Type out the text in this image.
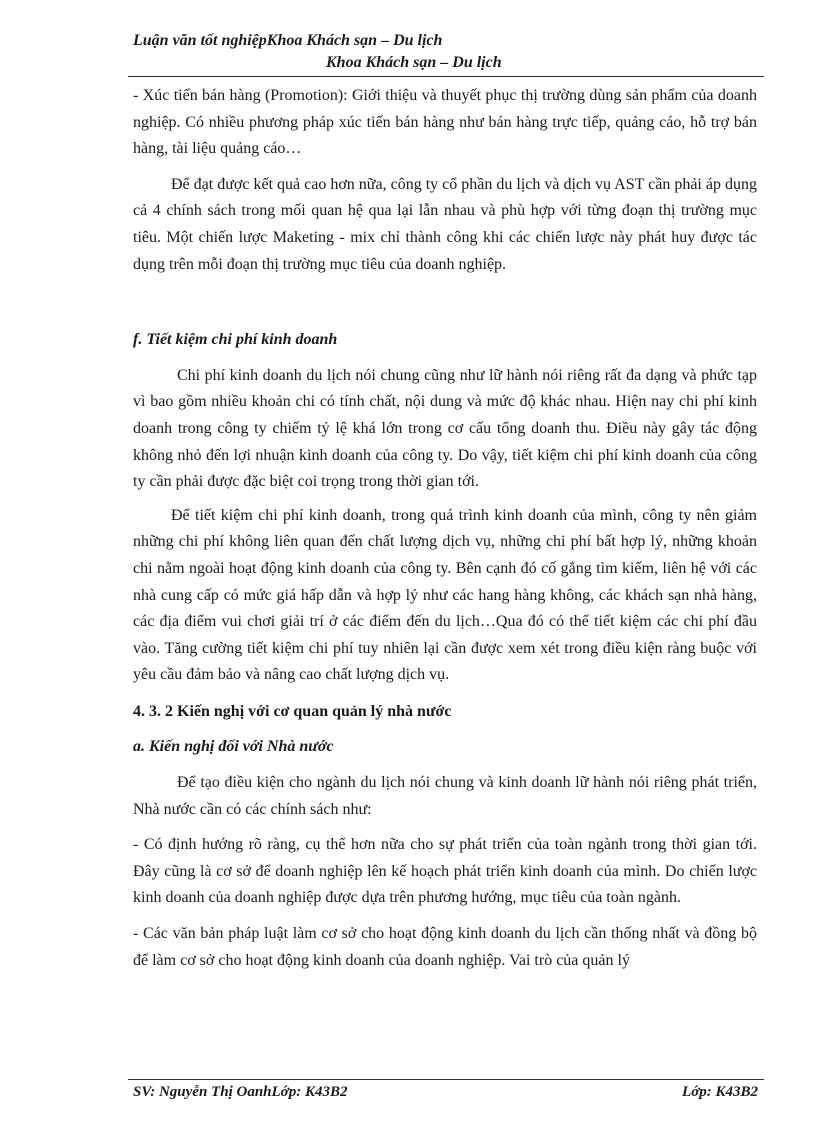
Luận văn tốt nghiệpKhoa Khách sạn – Du lịch
Khoa Khách sạn – Du lịch

- Xúc tiến bán hàng (Promotion): Giới thiệu và thuyết phục thị trường dùng sản phẩm của doanh nghiệp. Có nhiều phương pháp xúc tiến bán hàng như bán hàng trực tiếp, quảng cáo, hỗ trợ bán hàng, tài liệu quảng cáo…

Để đạt được kết quả cao hơn nữa, công ty cổ phần du lịch và dịch vụ AST cần phải áp dụng cả 4 chính sách trong mối quan hệ qua lại lẫn nhau và phù hợp với từng đoạn thị trường mục tiêu. Một chiến lược Maketing - mix chỉ thành công khi các chiến lược này phát huy được tác dụng trên mỗi đoạn thị trường mục tiêu của doanh nghiệp.

f. Tiết kiệm chi phí kinh doanh

Chi phí kinh doanh du lịch nói chung cũng như lữ hành nói riêng rất đa dạng và phức tạp vì bao gồm nhiều khoản chi có tính chất, nội dung và mức độ khác nhau. Hiện nay chi phí kinh doanh trong công ty chiếm tỷ lệ khá lớn trong cơ cấu tổng doanh thu. Điều này gây tác động không nhỏ đến lợi nhuận kinh doanh của công ty. Do vậy, tiết kiệm chi phí kinh doanh của công ty cần phải được đặc biệt coi trọng trong thời gian tới.

Để tiết kiệm chi phí kinh doanh, trong quá trình kinh doanh của mình, công ty nên giảm những chi phí không liên quan đến chất lượng dịch vụ, những chi phí bất hợp lý, những khoản chi nằm ngoài hoạt động kinh doanh của công ty. Bên cạnh đó cố gắng tìm kiếm, liên hệ với các nhà cung cấp có mức giá hấp dẫn và hợp lý như các hang hàng không, các khách sạn nhà hàng, các địa điểm vui chơi giải trí ở các điểm đến du lịch…Qua đó có thể tiết kiệm các chi phí đầu vào. Tăng cường tiết kiệm chi phí tuy nhiên lại cần được xem xét trong điều kiện ràng buộc với yêu cầu đảm bảo và nâng cao chất lượng dịch vụ.

4. 3. 2 Kiến nghị với cơ quan quản lý nhà nước

a. Kiến nghị đối với Nhà nước

Để tạo điều kiện cho ngành du lịch nói chung và kinh doanh lữ hành nói riêng phát triển, Nhà nước cần có các chính sách như:

- Có định hướng rõ ràng, cụ thể hơn nữa cho sự phát triển của toàn ngành trong thời gian tới. Đây cũng là cơ sở để doanh nghiệp lên kế hoạch phát triển kinh doanh của mình. Do chiến lược kinh doanh của doanh nghiệp được dựa trên phương hướng, mục tiêu của toàn ngành.

- Các văn bản pháp luật làm cơ sở cho hoạt động kinh doanh du lịch cần thống nhất và đồng bộ để làm cơ sở cho hoạt động kinh doanh của doanh nghiệp. Vai trò của quản lý

SV: Nguyễn Thị OanhLớp: K43B2	Lớp: K43B2
